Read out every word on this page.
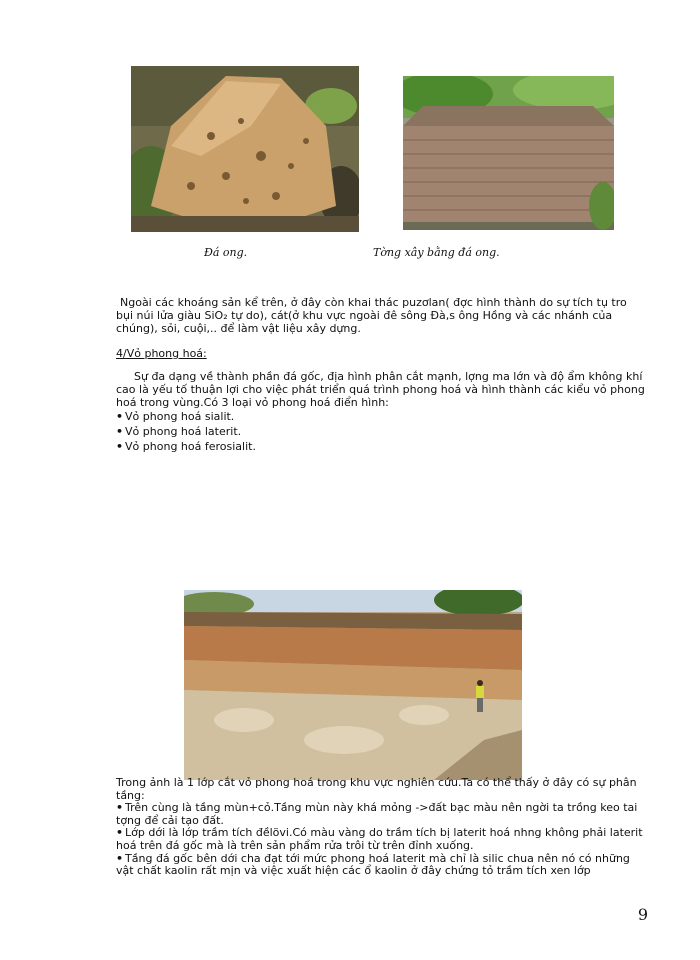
Đá ong.	Tờng xây bằng đá ong.

Ngoài các khoáng sản kể trên, ở đây còn khai thác puzơlan( đợc hình thành do sự tích tụ tro bụi núi lửa giàu SiO₂ tự do), cát(ở khu vực ngoài đê sông Đà,s ông Hồng và các nhánh của chúng), sỏi, cuội,.. để làm vật liệu xây dựng.

4/Vỏ phong hoá:

Sự đa dạng về thành phần đá gốc, địa hình phân cắt mạnh, lợng ma lớn và độ ẩm không khí cao là yếu tố thuận lợi cho việc phát triển quá trình phong hoá và hình thành các kiểu vỏ phong hoá trong vùng.Có 3 loại vỏ phong hoá điển hình:

• Vỏ phong hoá sialit.
• Vỏ phong hoá laterit.
• Vỏ phong hoá ferosialit.

Trong ảnh là 1 lớp cắt vỏ phong hoá trong khu vực nghiên cứu.Ta có thể thấy ở đây có sự phân tầng:

• Trên cùng là tầng mùn+cỏ.Tầng mùn này khá mỏng ->đất bạc màu nên ngời ta trồng keo tai tợng để cải tạo đất.

• Lớp dới là lớp trầm tích đềlövi.Có màu vàng do trầm tích bị laterit hoá nhng không phải laterit hoá trên đá gốc mà là trên sản phẩm rửa trôi từ trên đỉnh xuống.

• Tầng đá gốc bên dới cha đạt tới mức phong hoá laterit mà chỉ là silic chua nên nó có những vật chất kaolin rất mịn và việc xuất hiện các ổ kaolin ở đây chứng tỏ trầm tích xen lớp

9
